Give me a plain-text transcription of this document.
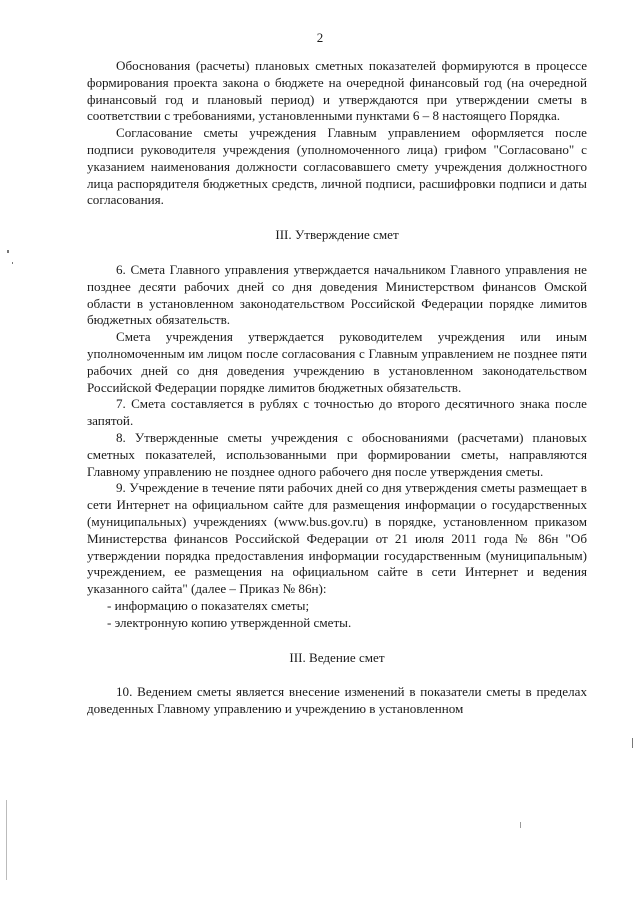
2

Обоснования (расчеты) плановых сметных показателей формируются в процессе формирования проекта закона о бюджете на очередной финансовый год (на очередной финансовый год и плановый период) и утверждаются при утверждении сметы в соответствии с требованиями, установленными пунктами 6 – 8 настоящего Порядка.

Согласование сметы учреждения Главным управлением оформляется после подписи руководителя учреждения (уполномоченного лица) грифом "Согласовано" с указанием наименования должности согласовавшего смету учреждения должностного лица распорядителя бюджетных средств, личной подписи, расшифровки подписи и даты согласования.

III. Утверждение смет

6. Смета Главного управления утверждается начальником Главного управления не позднее десяти рабочих дней со дня доведения Министерством финансов Омской области в установленном законодательством Российской Федерации порядке лимитов бюджетных обязательств.

Смета учреждения утверждается руководителем учреждения или иным уполномоченным им лицом после согласования с Главным управлением не позднее пяти рабочих дней со дня доведения учреждению в установленном законодательством Российской Федерации порядке лимитов бюджетных обязательств.

7. Смета составляется в рублях с точностью до второго десятичного знака после запятой.

8. Утвержденные сметы учреждения с обоснованиями (расчетами) плановых сметных показателей, использованными при формировании сметы, направляются Главному управлению не позднее одного рабочего дня после утверждения сметы.

9. Учреждение в течение пяти рабочих дней со дня утверждения сметы размещает в сети Интернет на официальном сайте для размещения информации о государственных (муниципальных) учреждениях (www.bus.gov.ru) в порядке, установленном приказом Министерства финансов Российской Федерации от 21 июля 2011 года № 86н "Об утверждении порядка предоставления информации государственным (муниципальным) учреждением, ее размещения на официальном сайте в сети Интернет и ведения указанного сайта" (далее – Приказ № 86н):

- информацию о показателях сметы;

- электронную копию утвержденной сметы.

III. Ведение смет

10. Ведением сметы является внесение изменений в показатели сметы в пределах доведенных Главному управлению и учреждению в установленном
